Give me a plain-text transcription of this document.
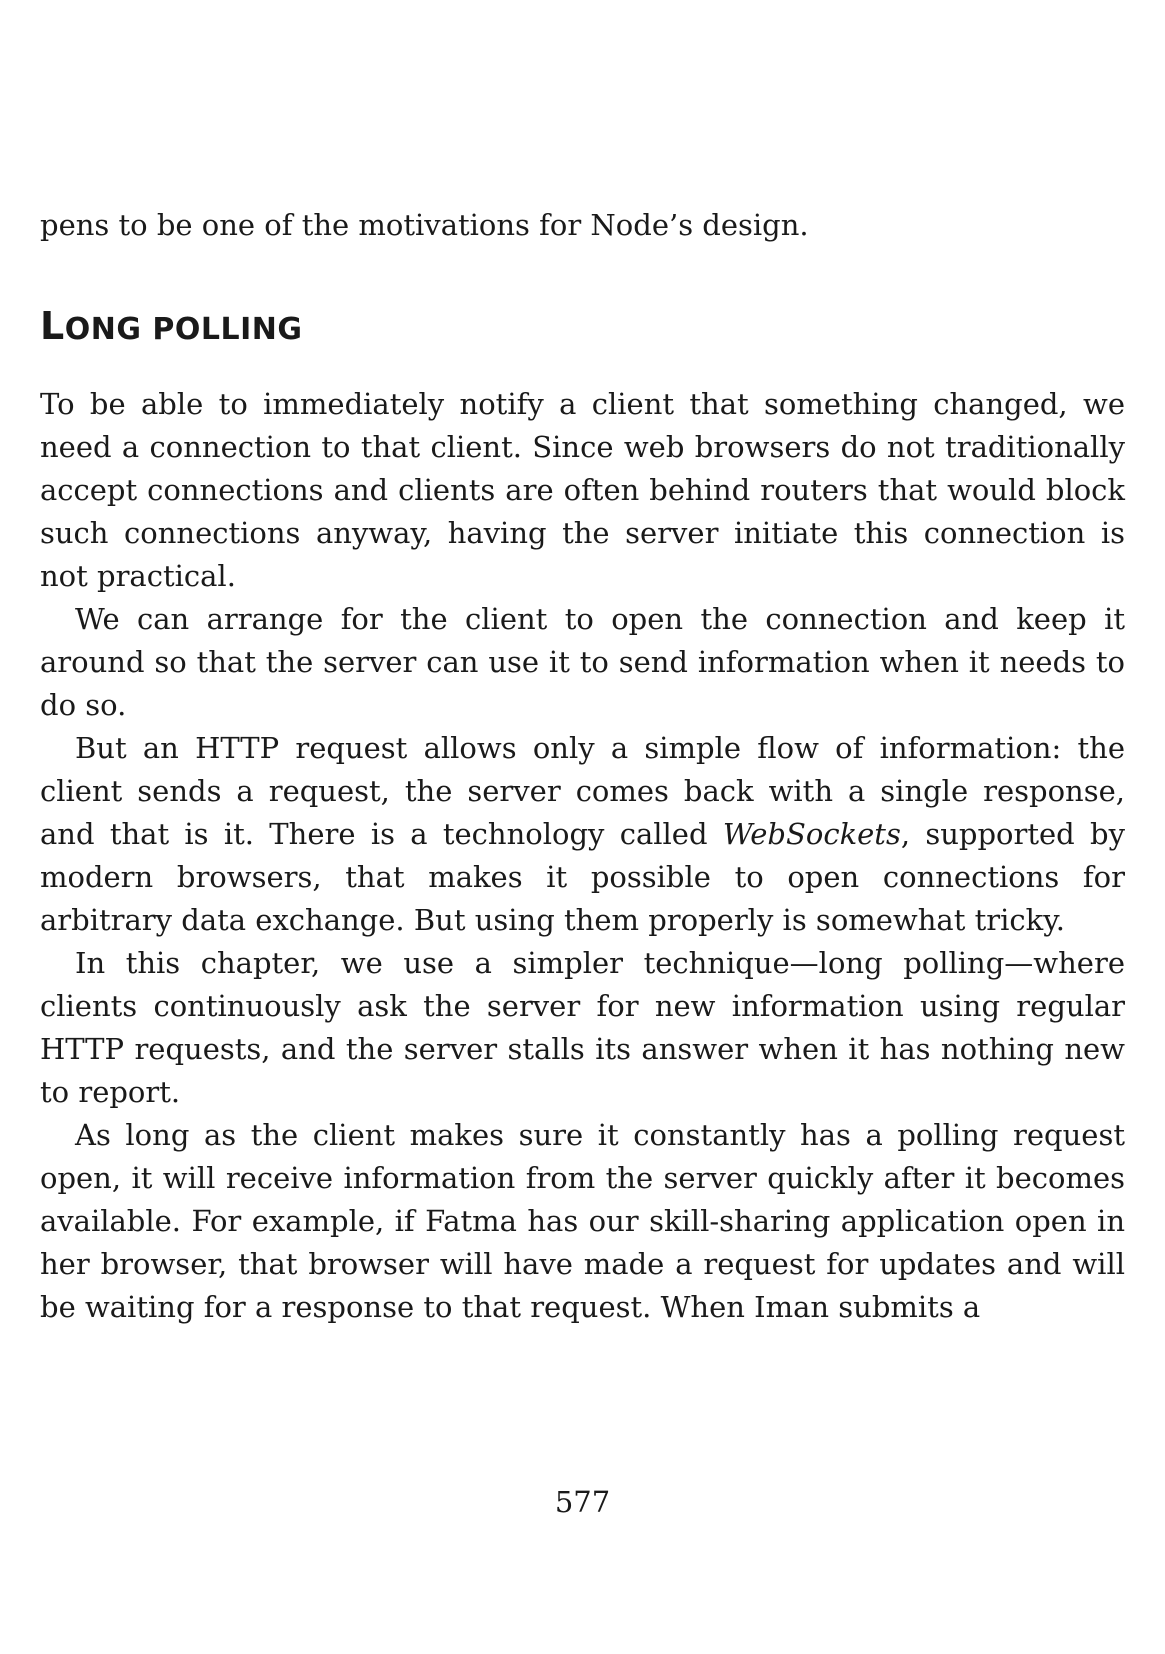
pens to be one of the motivations for Node’s design.
LONG POLLING

To be able to immediately notify a client that something changed, we need a connection to that client. Since web browsers do not traditionally accept connections and clients are often behind routers that would block such connections anyway, having the server initiate this connection is not practical.

We can arrange for the client to open the connection and keep it around so that the server can use it to send information when it needs to do so.

But an HTTP request allows only a simple flow of information: the client sends a request, the server comes back with a single response, and that is it. There is a technology called WebSockets, supported by modern browsers, that makes it possible to open connections for arbitrary data exchange. But using them properly is somewhat tricky.

In this chapter, we use a simpler technique—long polling—where clients continuously ask the server for new information using regular HTTP requests, and the server stalls its answer when it has nothing new to report.

As long as the client makes sure it constantly has a polling request open, it will receive information from the server quickly after it becomes available. For example, if Fatma has our skill-sharing application open in her browser, that browser will have made a request for updates and will be waiting for a response to that request. When Iman submits a

577
